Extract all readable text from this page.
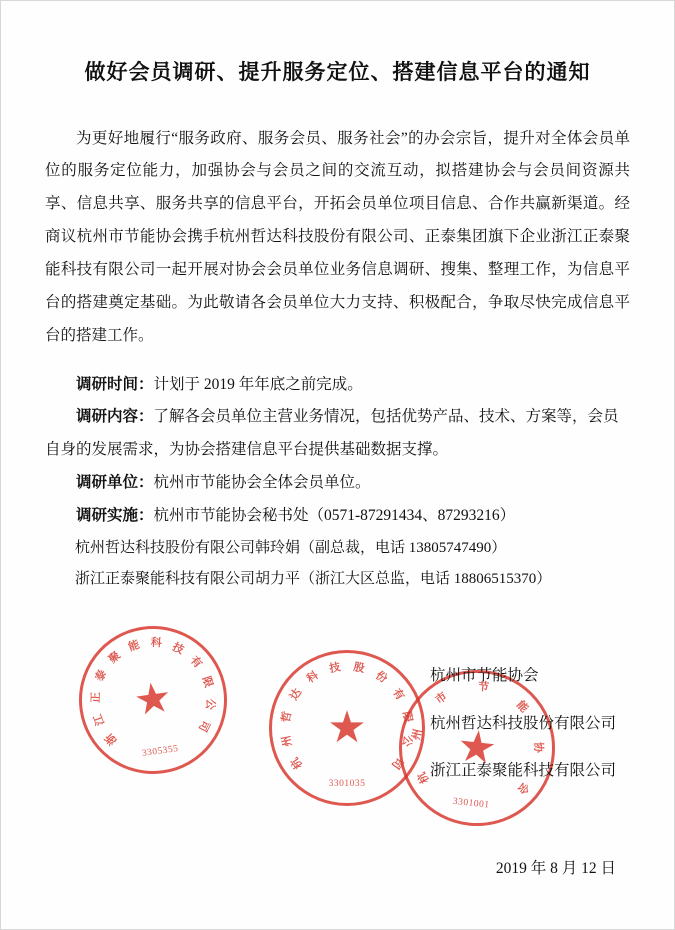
做好会员调研、提升服务定位、搭建信息平台的通知

为更好地履行“服务政府、服务会员、服务社会”的办会宗旨，提升对全体会员单位的服务定位能力，加强协会与会员之间的交流互动，拟搭建协会与会员间资源共享、信息共享、服务共享的信息平台，开拓会员单位项目信息、合作共赢新渠道。经商议杭州市节能协会携手杭州哲达科技股份有限公司、正泰集团旗下企业浙江正泰聚能科技有限公司一起开展对协会会员单位业务信息调研、搜集、整理工作，为信息平台的搭建奠定基础。为此敬请各会员单位大力支持、积极配合，争取尽快完成信息平台的搭建工作。

调研时间：计划于 2019 年年底之前完成。
调研内容：了解各会员单位主营业务情况，包括优势产品、技术、方案等，会员自身的发展需求，为协会搭建信息平台提供基础数据支撑。
调研单位：杭州市节能协会全体会员单位。
调研实施：杭州市节能协会秘书处（0571-87291434、87293216）
杭州哲达科技股份有限公司韩玲娟（副总裁，电话 13805747490）
浙江正泰聚能科技有限公司胡力平（浙江大区总监，电话 18806515370）
浙
江
正
泰
聚
能 科 技
有
限
公
司
★
3305355
杭
州
哲
达
科
技 股
份
有
限
公
司
★
3301035	杭
州
市
节
能
协
会
★
3301001
杭州市节能协会
杭州哲达科技股份有限公司
浙江正泰聚能科技有限公司
2019 年 8 月 12 日
